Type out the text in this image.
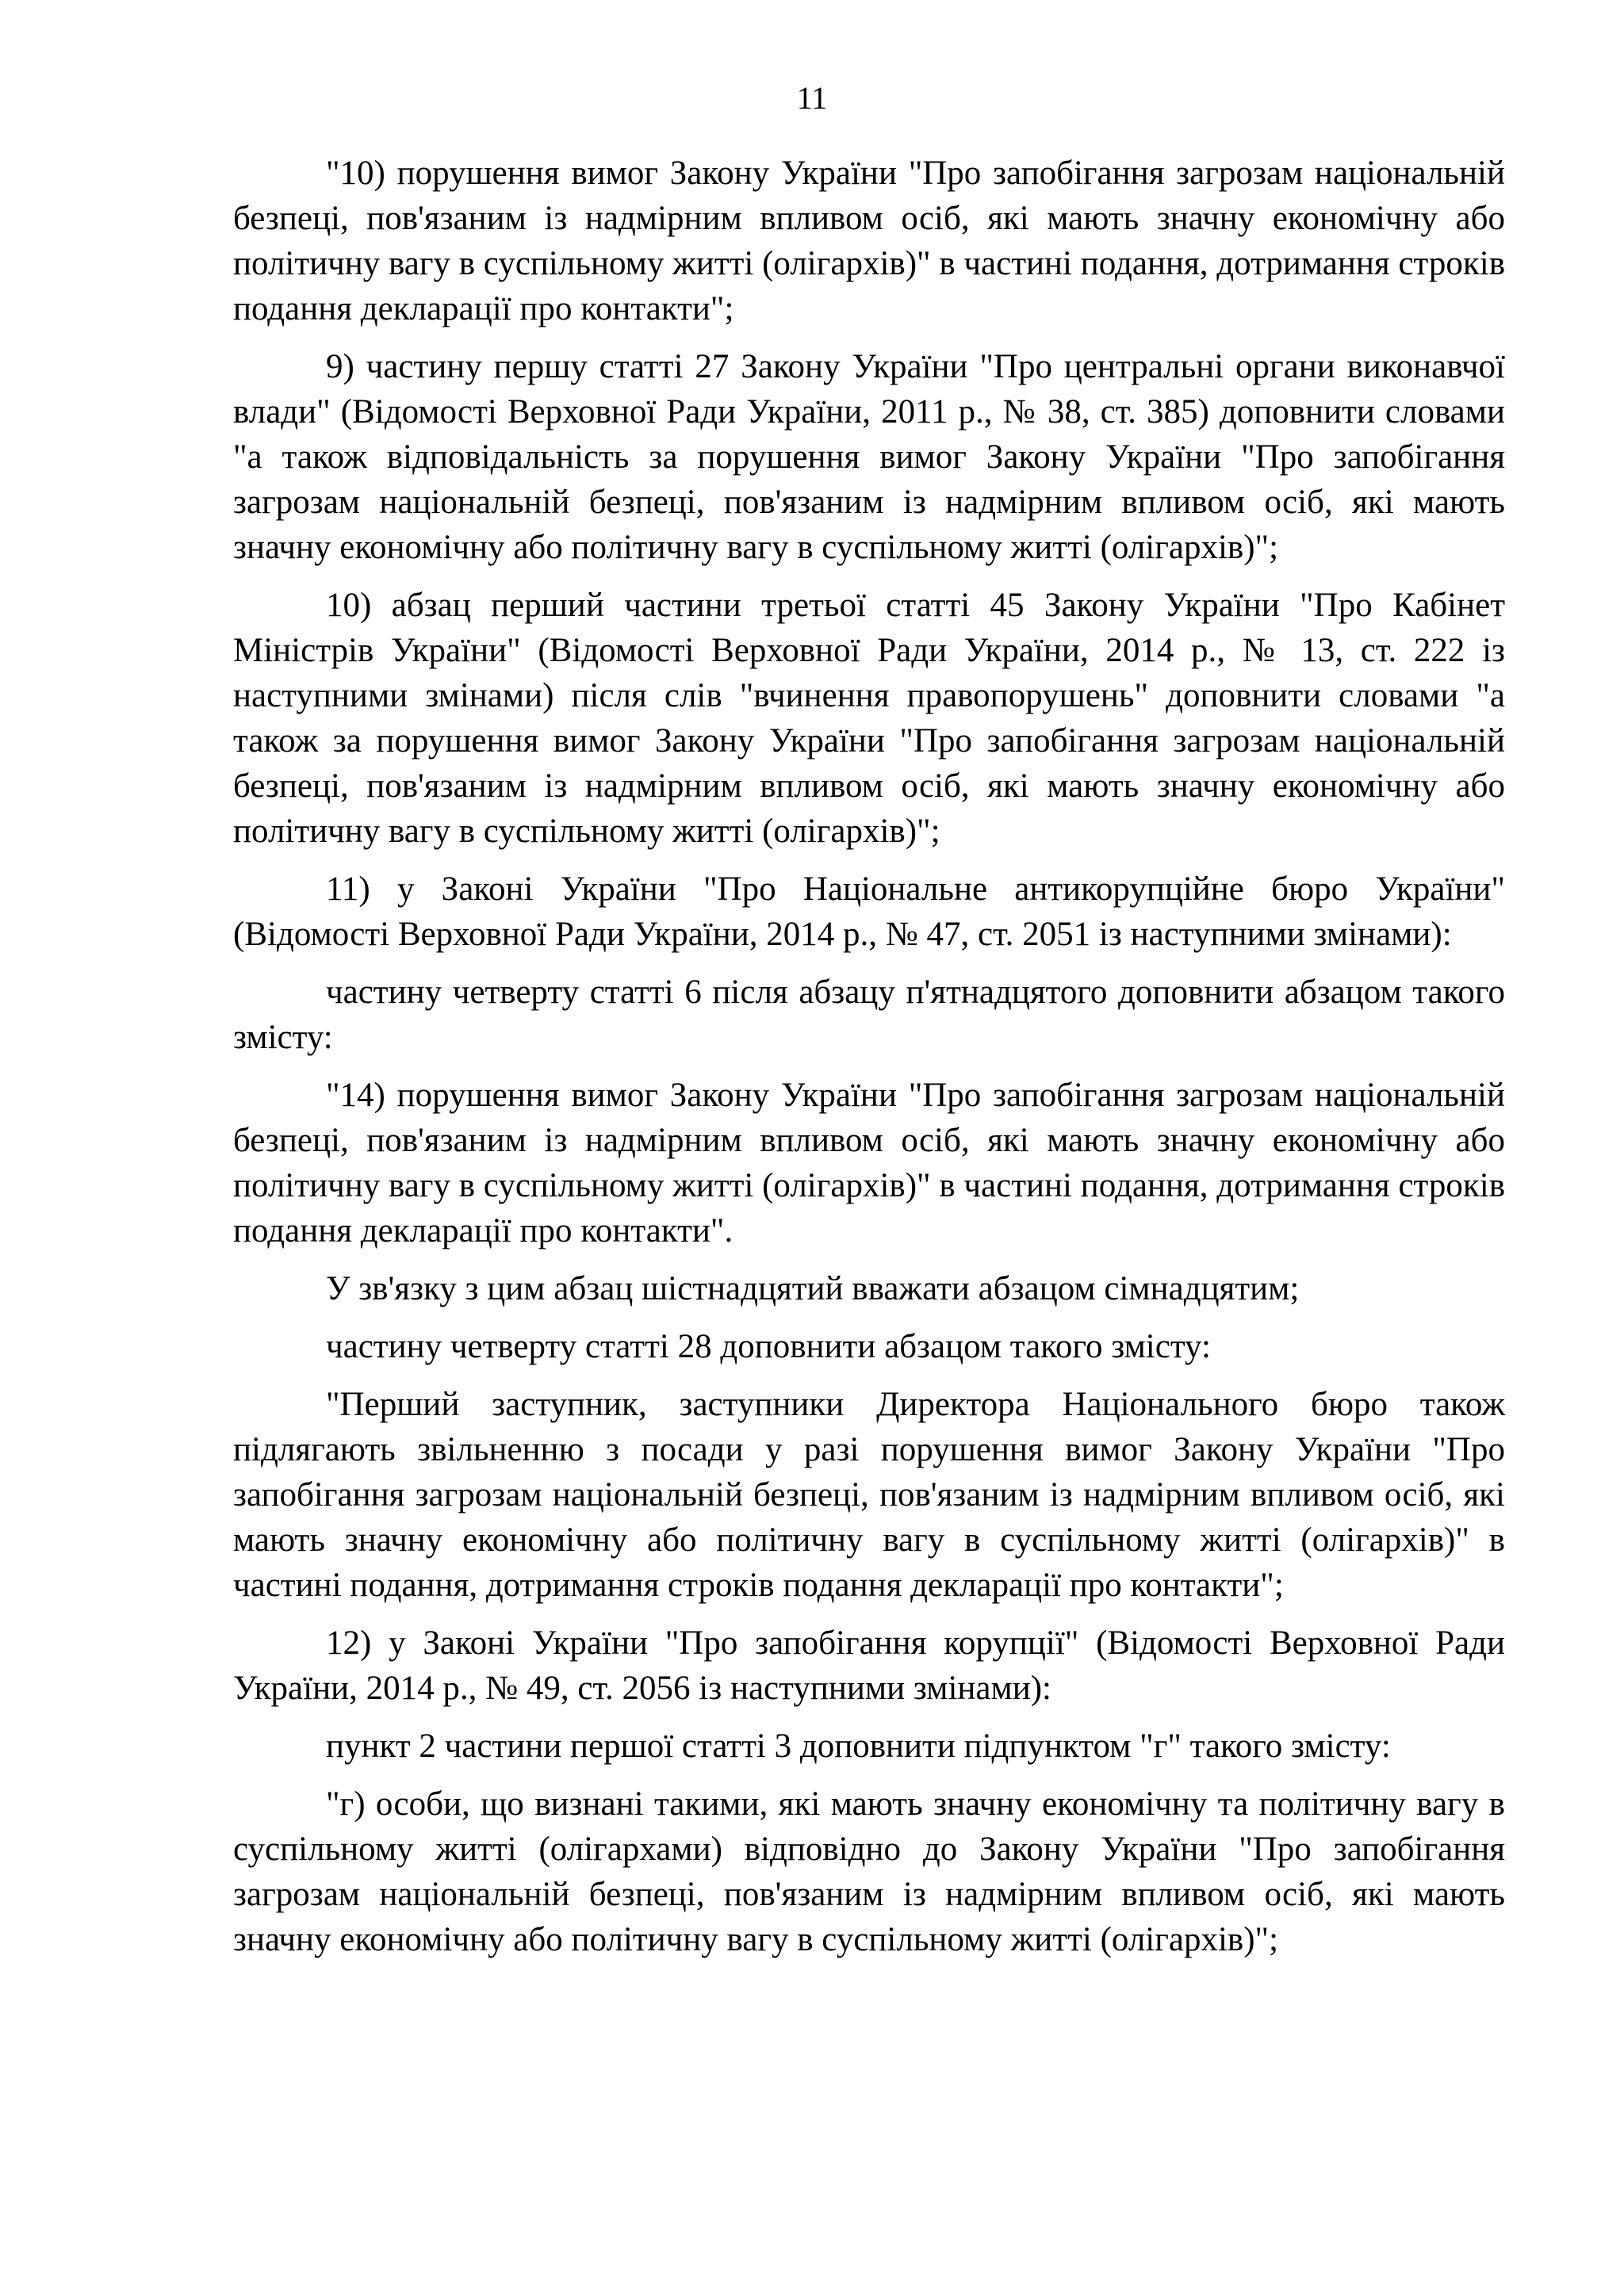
11

"10) порушення вимог Закону України "Про запобігання загрозам національній безпеці, пов'язаним із надмірним впливом осіб, які мають значну економічну або політичну вагу в суспільному житті (олігархів)" в частині подання, дотримання строків подання декларації про контакти";

9) частину першу статті 27 Закону України "Про центральні органи виконавчої влади" (Відомості Верховної Ради України, 2011 р., № 38, ст. 385) доповнити словами "а також відповідальність за порушення вимог Закону України "Про запобігання загрозам національній безпеці, пов'язаним із надмірним впливом осіб, які мають значну економічну або політичну вагу в суспільному житті (олігархів)";

10) абзац перший частини третьої статті 45 Закону України "Про Кабінет Міністрів України" (Відомості Верховної Ради України, 2014 р., № 13, ст. 222 із наступними змінами) після слів "вчинення правопорушень" доповнити словами "а також за порушення вимог Закону України "Про запобігання загрозам національній безпеці, пов'язаним із надмірним впливом осіб, які мають значну економічну або політичну вагу в суспільному житті (олігархів)";

11) у Законі України "Про Національне антикорупційне бюро України" (Відомості Верховної Ради України, 2014 р., № 47, ст. 2051 із наступними змінами):

частину четверту статті 6 після абзацу п'ятнадцятого доповнити абзацом такого змісту:

"14) порушення вимог Закону України "Про запобігання загрозам національній безпеці, пов'язаним із надмірним впливом осіб, які мають значну економічну або політичну вагу в суспільному житті (олігархів)" в частині подання, дотримання строків подання декларації про контакти".

У зв'язку з цим абзац шістнадцятий вважати абзацом сімнадцятим;

частину четверту статті 28 доповнити абзацом такого змісту:

"Перший заступник, заступники Директора Національного бюро також підлягають звільненню з посади у разі порушення вимог Закону України "Про запобігання загрозам національній безпеці, пов'язаним із надмірним впливом осіб, які мають значну економічну або політичну вагу в суспільному житті (олігархів)" в частині подання, дотримання строків подання декларації про контакти";

12) у Законі України "Про запобігання корупції" (Відомості Верховної Ради України, 2014 р., № 49, ст. 2056 із наступними змінами):

пункт 2 частини першої статті 3 доповнити підпунктом "г" такого змісту:

"г) особи, що визнані такими, які мають значну економічну та політичну вагу в суспільному житті (олігархами) відповідно до Закону України "Про запобігання загрозам національній безпеці, пов'язаним із надмірним впливом осіб, які мають значну економічну або політичну вагу в суспільному житті (олігархів)";
